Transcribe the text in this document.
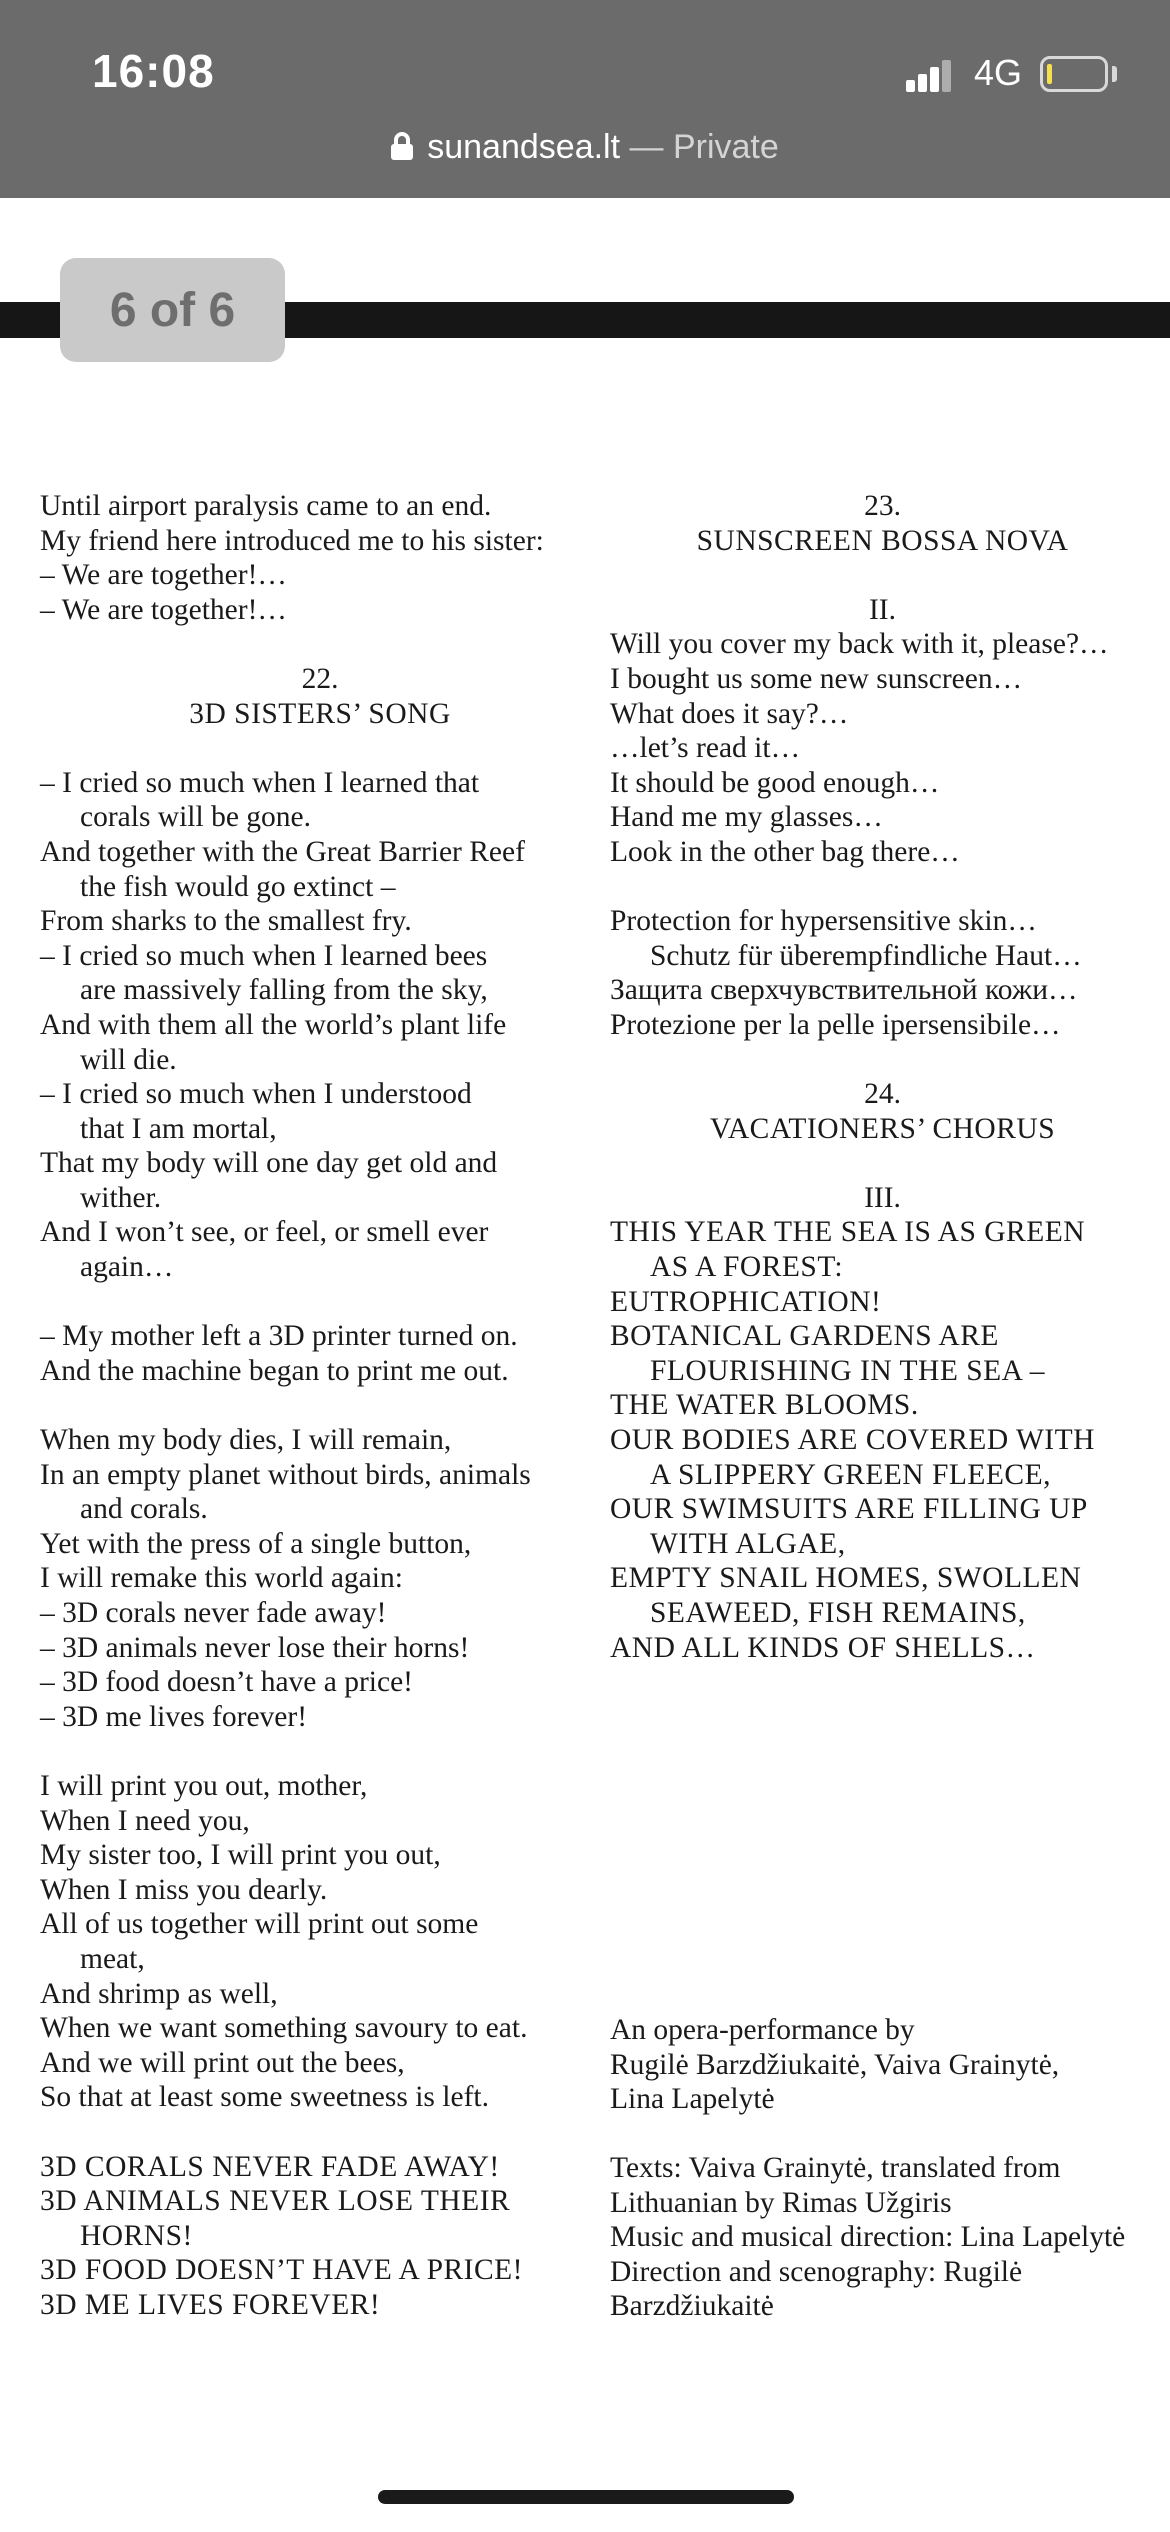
16:08	4G
sunandsea.lt — Private
6 of 6
Until airport paralysis came to an end.
My friend here introduced me to his sister:
– We are together!…
– We are together!…
22.
3D SISTERS’ SONG
– I cried so much when I learned that
corals will be gone.
And together with the Great Barrier Reef
the fish would go extinct –
From sharks to the smallest fry.
– I cried so much when I learned bees
are massively falling from the sky,
And with them all the world’s plant life
will die.
– I cried so much when I understood
that I am mortal,
That my body will one day get old and
wither.
And I won’t see, or feel, or smell ever
again…
– My mother left a 3D printer turned on.
And the machine began to print me out.
When my body dies, I will remain,
In an empty planet without birds, animals
and corals.
Yet with the press of a single button,
I will remake this world again:
– 3D corals never fade away!
– 3D animals never lose their horns!
– 3D food doesn’t have a price!
– 3D me lives forever!
I will print you out, mother,
When I need you,
My sister too, I will print you out,
When I miss you dearly.
All of us together will print out some
meat,
And shrimp as well,
When we want something savoury to eat.
And we will print out the bees,
So that at least some sweetness is left.
3D CORALS NEVER FADE AWAY!
3D ANIMALS NEVER LOSE THEIR
HORNS!
3D FOOD DOESN’T HAVE A PRICE!
3D ME LIVES FOREVER!
23.
SUNSCREEN BOSSA NOVA
II.
Will you cover my back with it, please?…
I bought us some new sunscreen…
What does it say?…
…let’s read it…
It should be good enough…
Hand me my glasses…
Look in the other bag there…
Protection for hypersensitive skin…
Schutz für überempfindliche Haut…
Защита сверхчувствительной кожи…
Protezione per la pelle ipersensibile…
24.
VACATIONERS’ CHORUS
III.
THIS YEAR THE SEA IS AS GREEN
AS A FOREST:
EUTROPHICATION!
BOTANICAL GARDENS ARE
FLOURISHING IN THE SEA –
THE WATER BLOOMS.
OUR BODIES ARE COVERED WITH
A SLIPPERY GREEN FLEECE,
OUR SWIMSUITS ARE FILLING UP
WITH ALGAE,
EMPTY SNAIL HOMES, SWOLLEN
SEAWEED, FISH REMAINS,
AND ALL KINDS OF SHELLS…
An opera-performance by
Rugilė Barzdžiukaitė, Vaiva Grainytė,
Lina Lapelytė
Texts: Vaiva Grainytė, translated from
Lithuanian by Rimas Užgiris
Music and musical direction: Lina Lapelytė
Direction and scenography: Rugilė
Barzdžiukaitė
